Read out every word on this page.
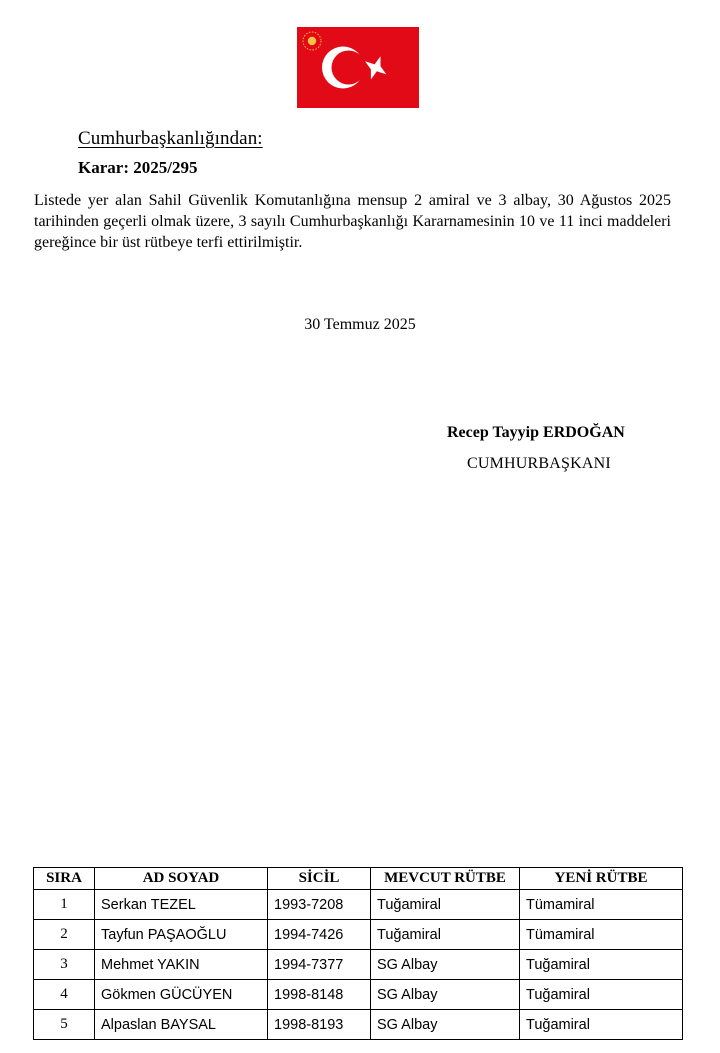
Cumhurbaşkanlığından:
Karar: 2025/295
Listede yer alan Sahil Güvenlik Komutanlığına mensup 2 amiral ve 3 albay, 30 Ağustos 2025 tarihinden geçerli olmak üzere, 3 sayılı Cumhurbaşkanlığı Kararnamesinin 10 ve 11 inci maddeleri gereğince bir üst rütbeye terfi ettirilmiştir.
30 Temmuz 2025
Recep Tayyip ERDOĞAN
CUMHURBAŞKANI
SIRA	AD SOYAD	SİCİL	MEVCUT RÜTBE	YENİ RÜTBE
1	Serkan TEZEL	1993-7208	Tuğamiral	Tümamiral
2	Tayfun PAŞAOĞLU	1994-7426	Tuğamiral	Tümamiral
3	Mehmet YAKIN	1994-7377	SG Albay	Tuğamiral
4	Gökmen GÜCÜYEN	1998-8148	SG Albay	Tuğamiral
5	Alpaslan BAYSAL	1998-8193	SG Albay	Tuğamiral
